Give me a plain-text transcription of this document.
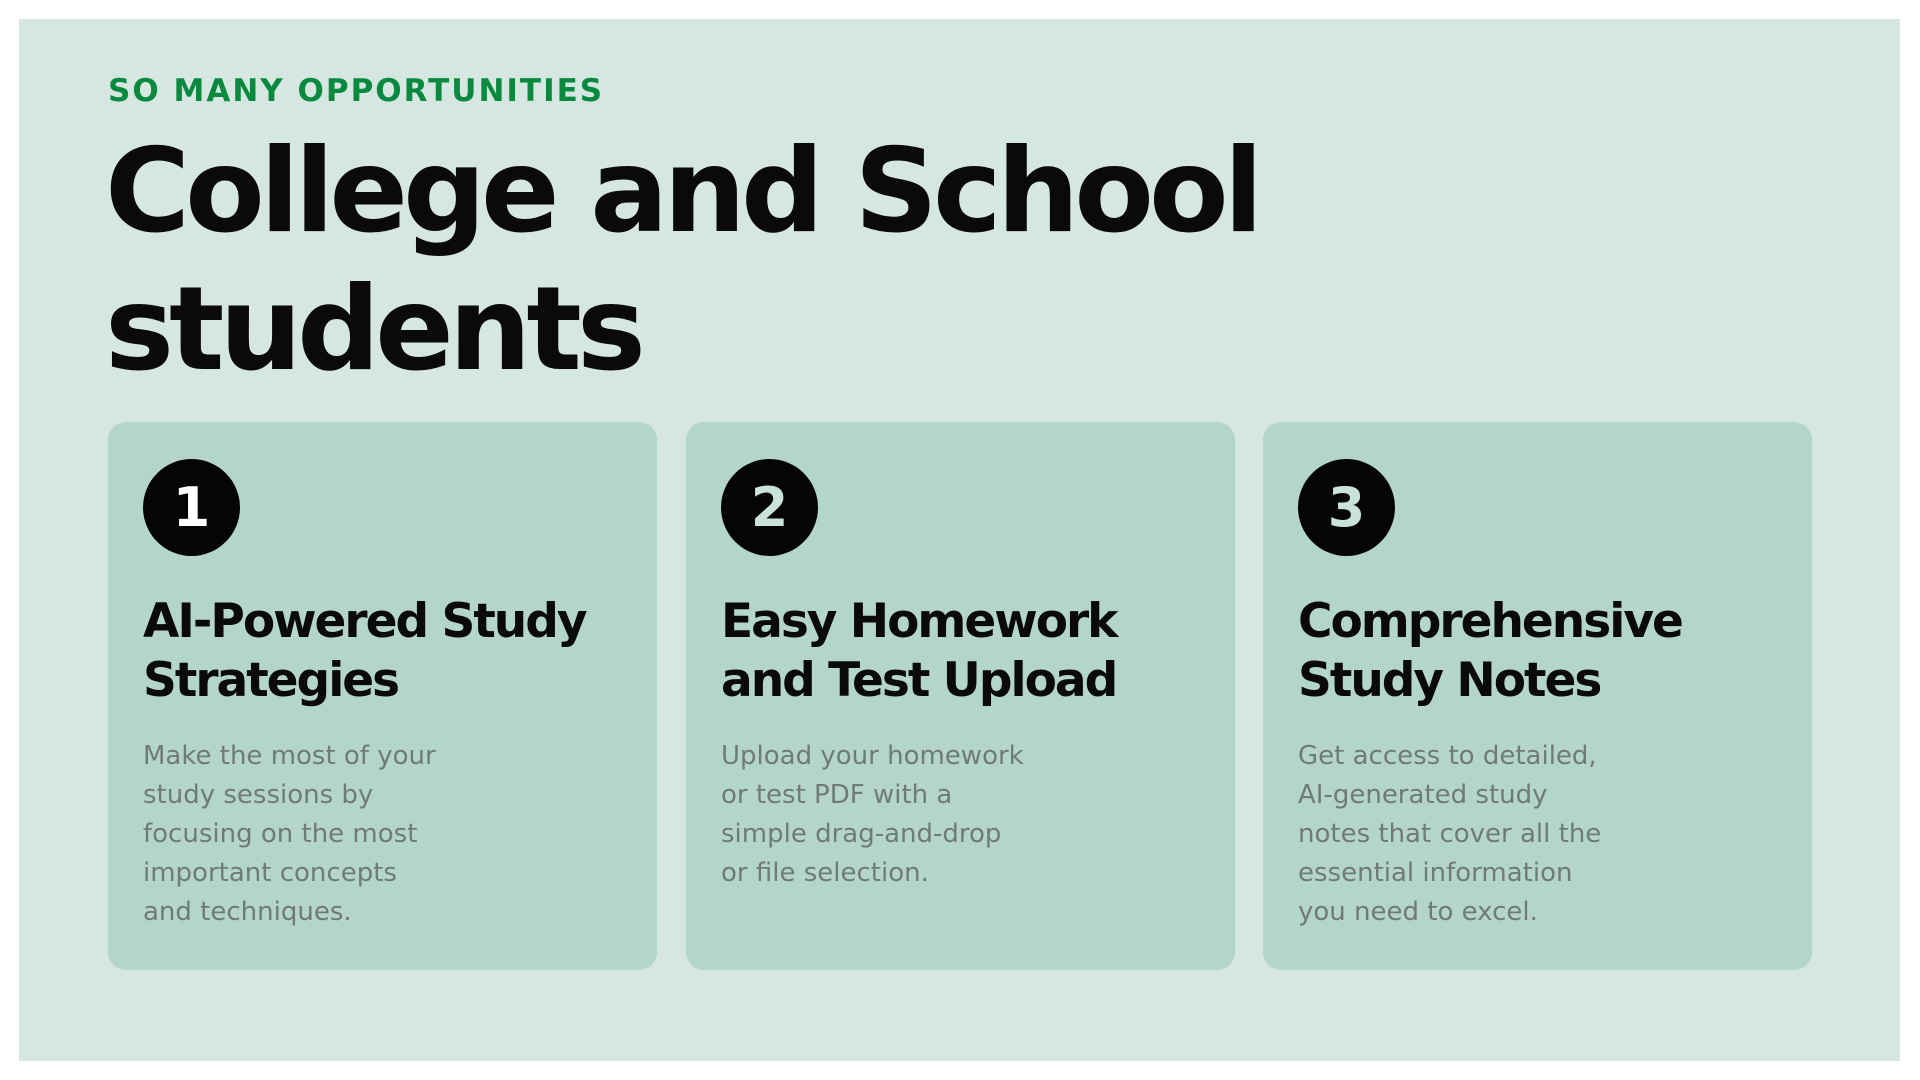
SO MANY OPPORTUNITIES

College and School
students
1
AI-Powered Study
Strategies

Make the most of your
study sessions by
focusing on the most
important concepts
and techniques.

2
Easy Homework
and Test Upload

Upload your homework
or test PDF with a
simple drag-and-drop
or file selection.

3
Comprehensive
Study Notes

Get access to detailed,
AI-generated study
notes that cover all the
essential information
you need to excel.
